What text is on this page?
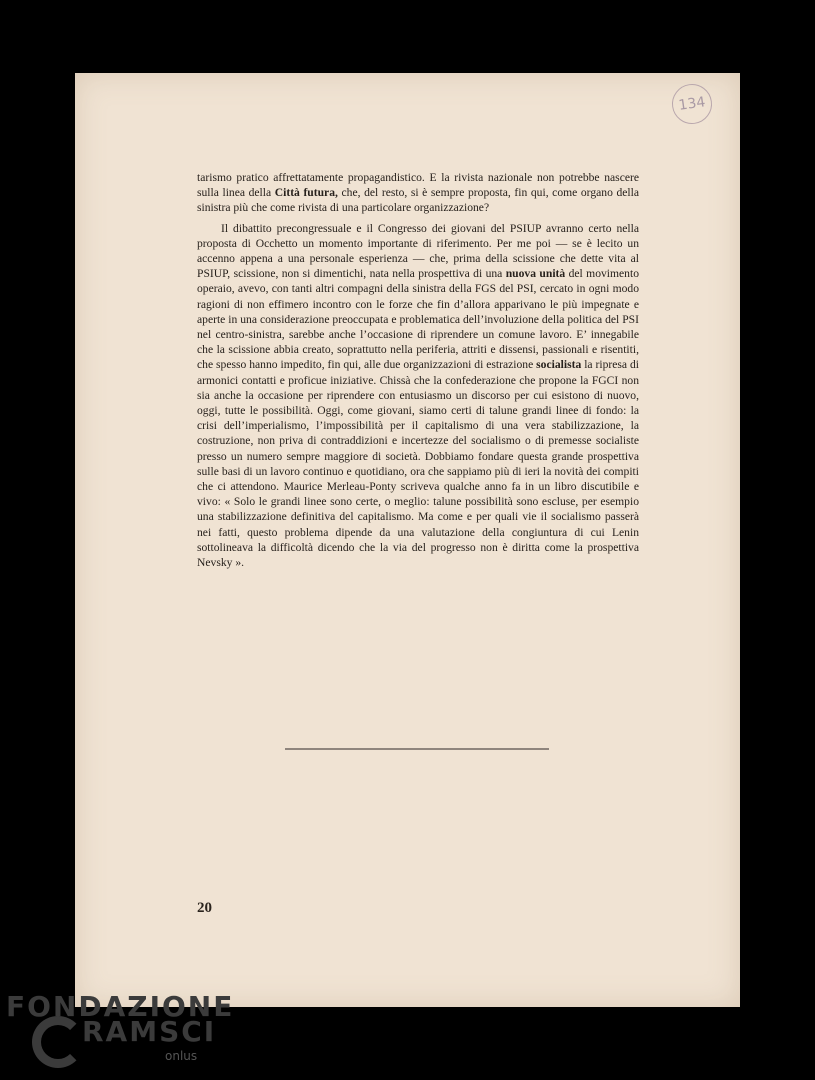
134

tarismo pratico affrettatamente propagandistico. E la rivista nazionale non potrebbe nascere sulla linea della Città futura, che, del resto, si è sempre proposta, fin qui, come organo della sinistra più che come rivista di una particolare organizzazione?

Il dibattito precongressuale e il Congresso dei giovani del PSIUP avranno certo nella proposta di Occhetto un momento importante di riferimento. Per me poi — se è lecito un accenno appena a una personale esperienza — che, prima della scissione che dette vita al PSIUP, scissione, non si dimentichi, nata nella prospettiva di una nuova unità del movimento operaio, avevo, con tanti altri compagni della sinistra della FGS del PSI, cercato in ogni modo ragioni di non effimero incontro con le forze che fin d’allora apparivano le più impegnate e aperte in una considerazione preoccupata e problematica dell’involuzione della politica del PSI nel centro-sinistra, sarebbe anche l’occasione di riprendere un comune lavoro. E’ innegabile che la scissione abbia creato, soprattutto nella periferia, attriti e dissensi, passionali e risentiti, che spesso hanno impedito, fin qui, alle due organizzazioni di estrazione socialista la ripresa di armonici contatti e proficue iniziative. Chissà che la confederazione che propone la FGCI non sia anche la occasione per riprendere con entusiasmo un discorso per cui esistono di nuovo, oggi, tutte le possibilità. Oggi, come giovani, siamo certi di talune grandi linee di fondo: la crisi dell’imperialismo, l’impossibilità per il capitalismo di una vera stabilizzazione, la costruzione, non priva di contraddizioni e incertezze del socialismo o di premesse socialiste presso un numero sempre maggiore di società. Dobbiamo fondare questa grande prospettiva sulle basi di un lavoro continuo e quotidiano, ora che sappiamo più di ieri la novità dei compiti che ci attendono. Maurice Merleau-Ponty scriveva qualche anno fa in un libro discutibile e vivo: « Solo le grandi linee sono certe, o meglio: talune possibilità sono escluse, per esempio una stabilizzazione definitiva del capitalismo. Ma come e per quali vie il socialismo passerà nei fatti, questo problema dipende da una valutazione della congiuntura di cui Lenin sottolineava la difficoltà dicendo che la via del progresso non è diritta come la prospettiva Nevsky ».

20
FONDAZIONE
RAMSCI
onlus
